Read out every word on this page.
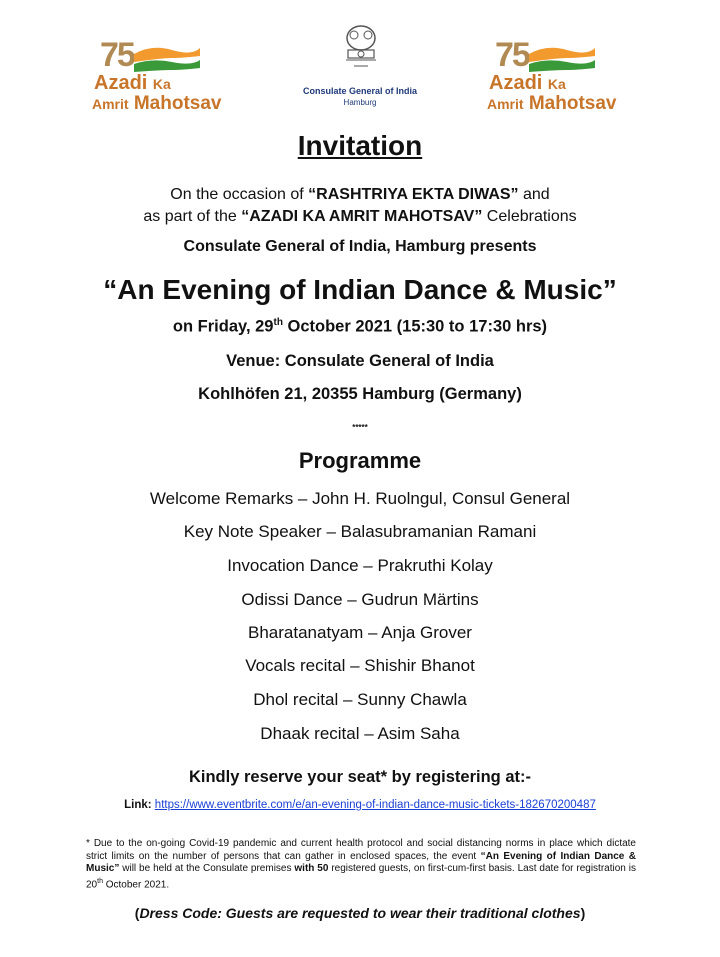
75
Azadi Ka
Amrit Mahotsav
Consulate General of India
Hamburg
75
Azadi Ka
Amrit Mahotsav
Invitation
On the occasion of “RASHTRIYA EKTA DIWAS” and
as part of the “AZADI KA AMRIT MAHOTSAV” Celebrations
Consulate General of India, Hamburg presents
“An Evening of Indian Dance & Music”
on Friday, 29th October 2021 (15:30 to 17:30 hrs)
Venue: Consulate General of India
Kohlhöfen 21, 20355 Hamburg (Germany)
*****
Programme
Welcome Remarks – John H. Ruolngul, Consul General
Key Note Speaker – Balasubramanian Ramani
Invocation Dance – Prakruthi Kolay
Odissi Dance – Gudrun Märtins
Bharatanatyam – Anja Grover
Vocals recital – Shishir Bhanot
Dhol recital – Sunny Chawla
Dhaak recital – Asim Saha
Kindly reserve your seat* by registering at:-
Link: https://www.eventbrite.com/e/an-evening-of-indian-dance-music-tickets-182670200487
* Due to the on-going Covid-19 pandemic and current health protocol and social distancing norms in place which dictate strict limits on the number of persons that can gather in enclosed spaces, the event “An Evening of Indian Dance & Music” will be held at the Consulate premises with 50 registered guests, on first-cum-first basis. Last date for registration is 20th October 2021.
(Dress Code: Guests are requested to wear their traditional clothes)
